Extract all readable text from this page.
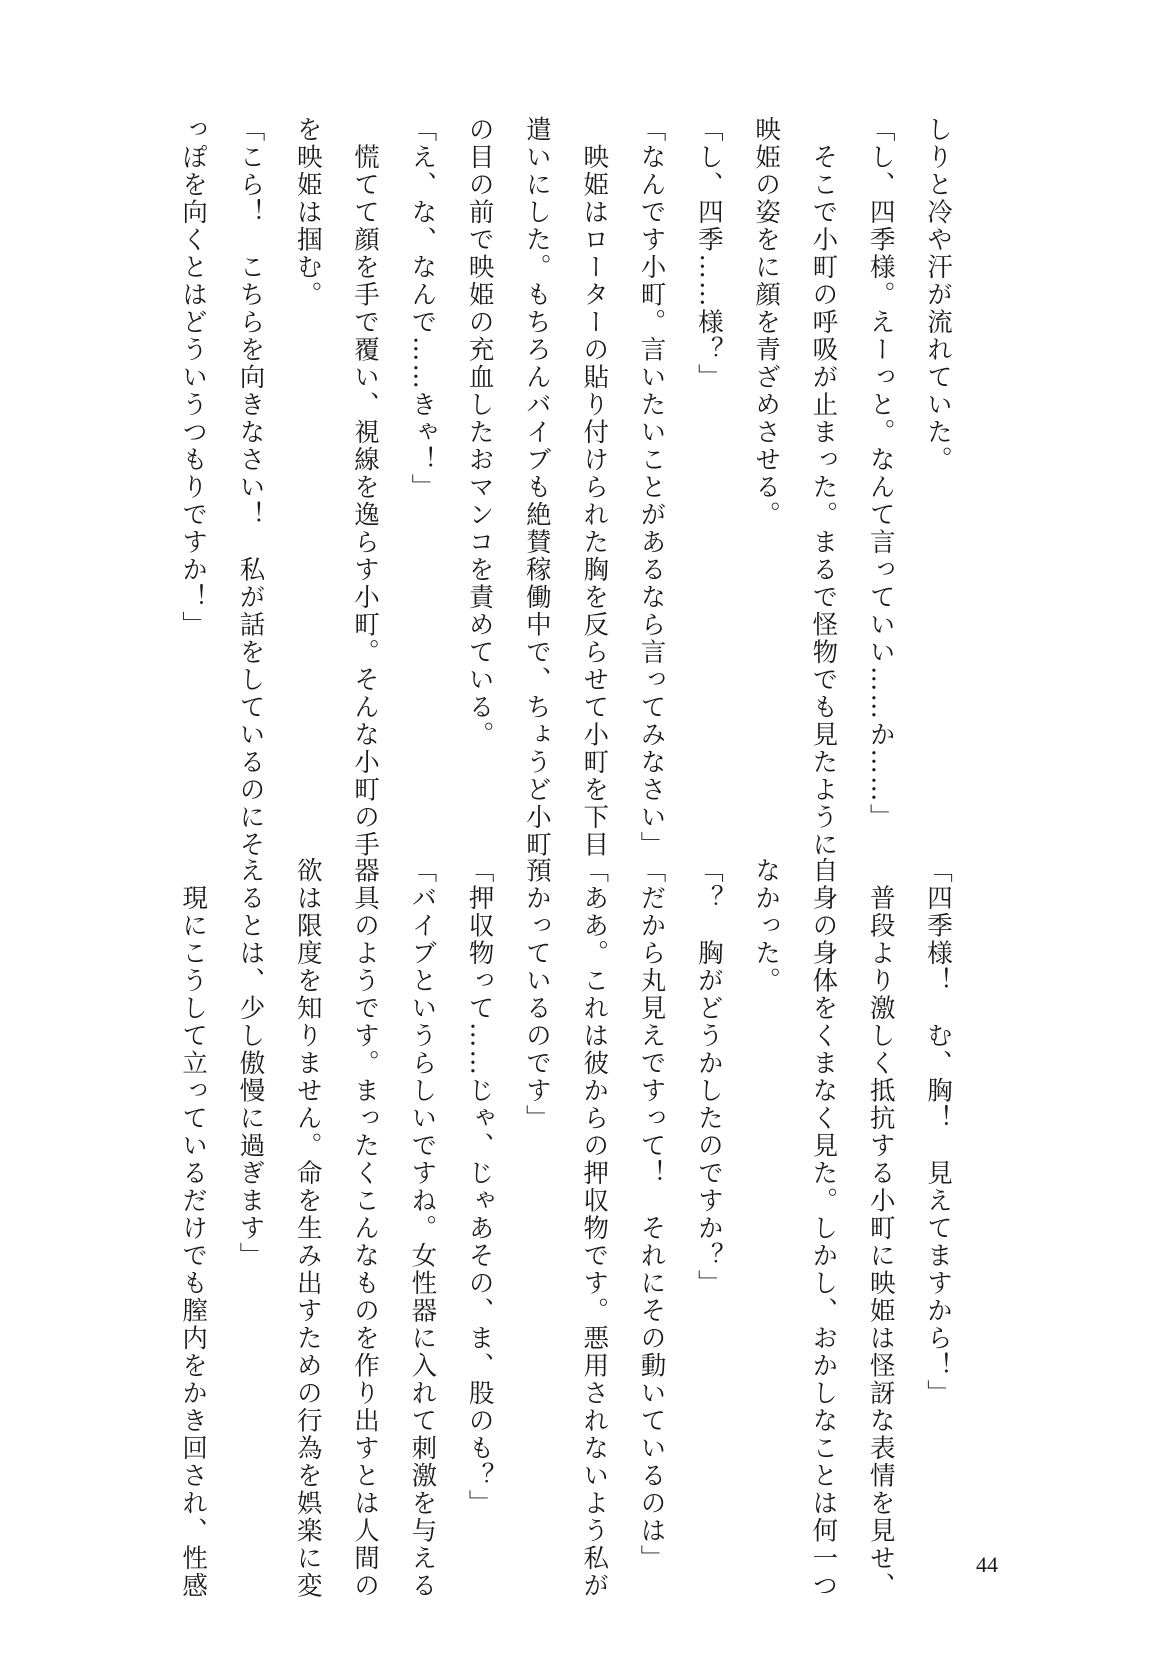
しりと冷や汗が流れていた。
「し、四季様。えーっと。なんて言っていい……か……」
　そこで小町の呼吸が止まった。まるで怪物でも見たように
映姫の姿をに顔を青ざめさせる。
「し、四季……様？」
「なんです小町。言いたいことがあるなら言ってみなさい」
　映姫はローターの貼り付けられた胸を反らせて小町を下目
遣いにした。もちろんバイブも絶賛稼働中で、ちょうど小町
の目の前で映姫の充血したおマンコを責めている。
「え、な、なんで……きゃ！」
　慌てて顔を手で覆い、視線を逸らす小町。そんな小町の手
を映姫は掴む。
「こら！　こちらを向きなさい！　私が話をしているのにそ
っぽを向くとはどういうつもりですか！」
「四季様！　む、胸！　見えてますから！」
　普段より激しく抵抗する小町に映姫は怪訝な表情を見せ、
自身の身体をくまなく見た。しかし、おかしなことは何一つ
なかった。
「？　胸がどうかしたのですか？」
「だから丸見えですって！　それにその動いているのは」
「ああ。これは彼からの押収物です。悪用されないよう私が
預かっているのです」
「押収物って……じゃ、じゃあその、ま、股のも？」
「バイブというらしいですね。女性器に入れて刺激を与える
器具のようです。まったくこんなものを作り出すとは人間の
欲は限度を知りません。命を生み出すための行為を娯楽に変
えるとは、少し傲慢に過ぎます」
　現にこうして立っているだけでも膣内をかき回され、性感	44
